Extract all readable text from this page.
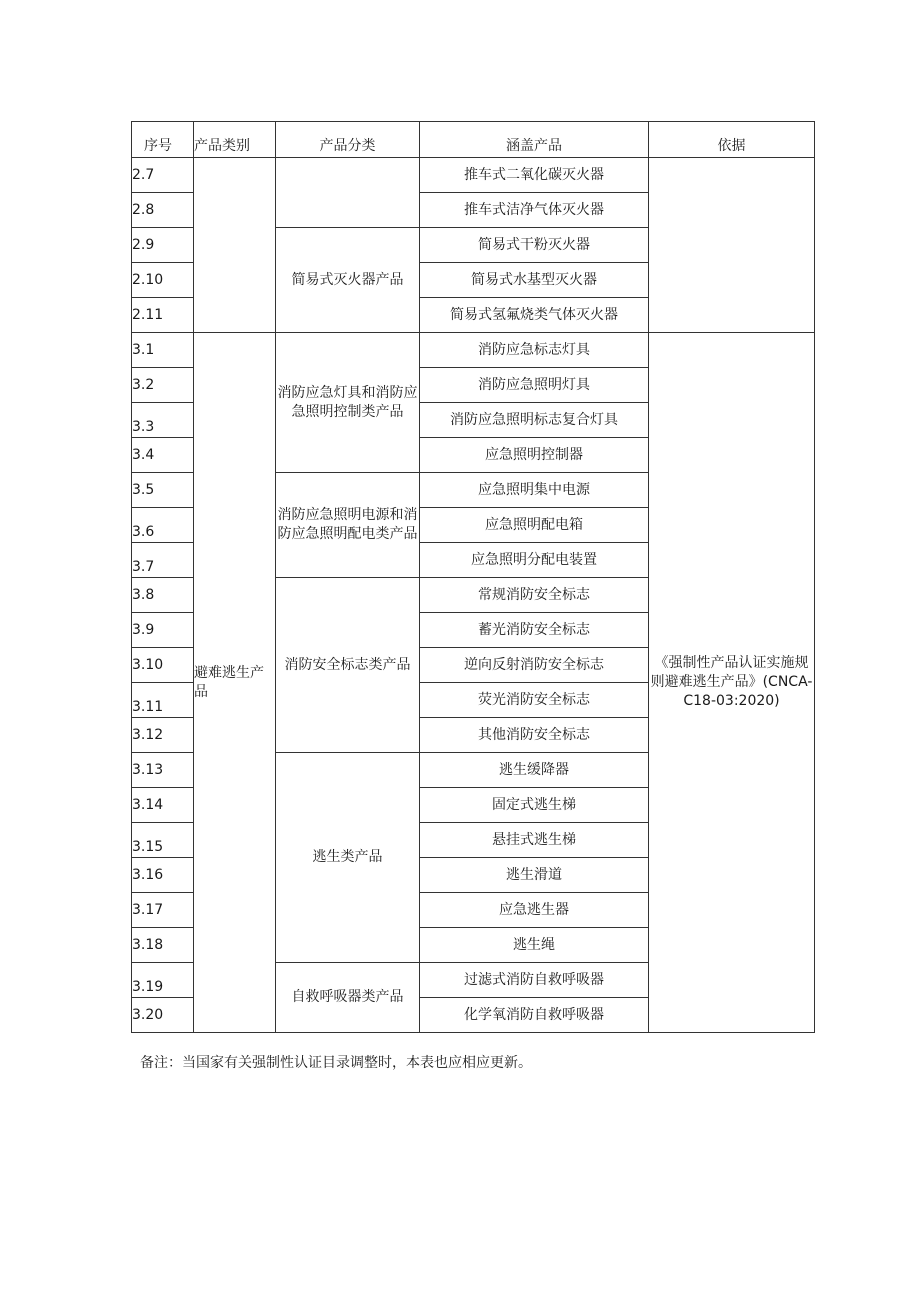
序号	产品类别	产品分类	涵盖产品	依据
2.7			推车式二氧化碳灭火器	
2.8			推车式洁净气体灭火器	
2.9		简易式灭火器产品	简易式干粉灭火器	
2.10			简易式水基型灭火器	
2.11			简易式氢氟烧类气体灭火器	
3.1	避难逃生产品	消防应急灯具和消防应急照明控制类产品	消防应急标志灯具	《强制性产品认证实施规则避难逃生产品》(CNCA-C18-03:2020)
3.2			消防应急照明灯具	
3.3			消防应急照明标志复合灯具	
3.4			应急照明控制器	
3.5		消防应急照明电源和消防应急照明配电类产品	应急照明集中电源	
3.6			应急照明配电箱	
3.7			应急照明分配电装置	
3.8		消防安全标志类产品	常规消防安全标志	
3.9			蓄光消防安全标志	
3.10			逆向反射消防安全标志	
3.11			荧光消防安全标志	
3.12			其他消防安全标志	
3.13		逃生类产品	逃生缓降器	
3.14			固定式逃生梯	
3.15			悬挂式逃生梯	
3.16			逃生滑道	
3.17			应急逃生器	
3.18			逃生绳	
3.19		自救呼吸器类产品	过滤式消防自救呼吸器	
3.20			化学氧消防自救呼吸器	
备注：当国家有关强制性认证目录调整时，本表也应相应更新。
